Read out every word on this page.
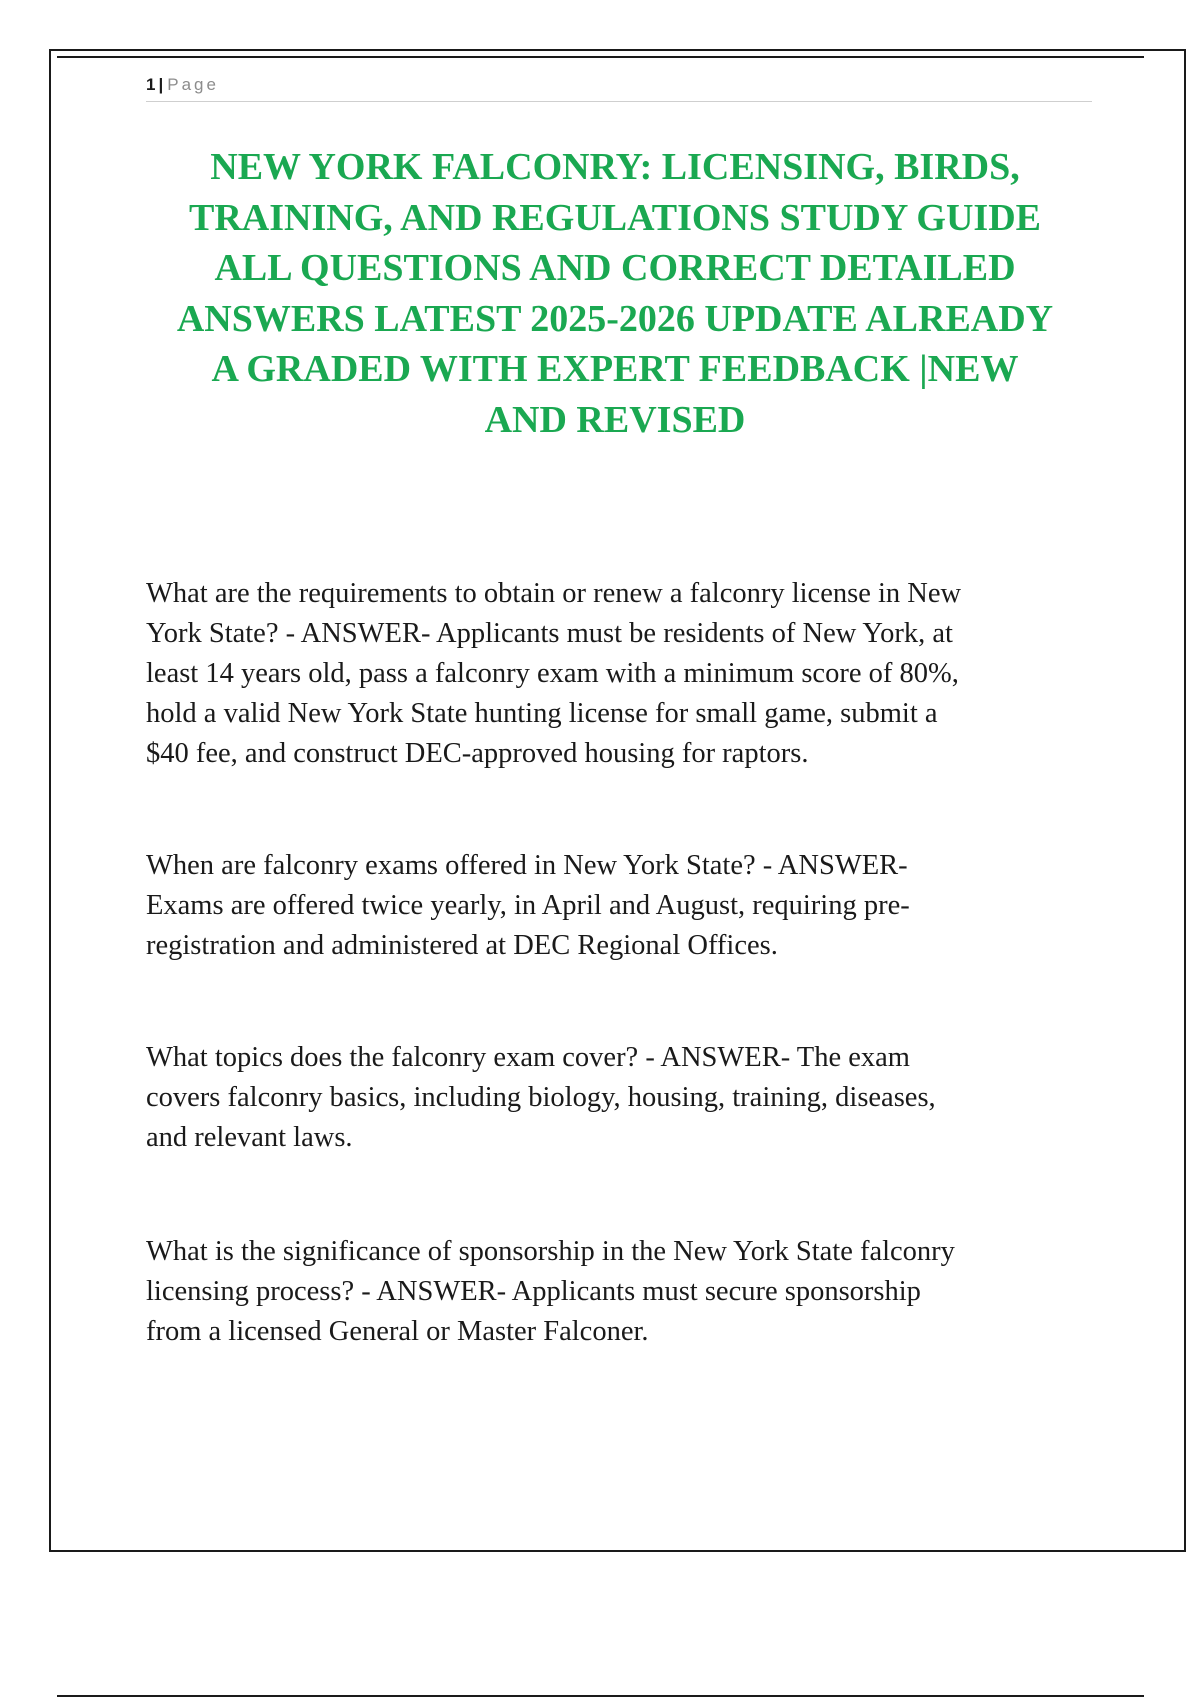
1 | Page
NEW YORK FALCONRY: LICENSING, BIRDS,
TRAINING, AND REGULATIONS STUDY GUIDE
ALL QUESTIONS AND CORRECT DETAILED
ANSWERS LATEST 2025-2026 UPDATE ALREADY
A GRADED WITH EXPERT FEEDBACK |NEW
AND REVISED

What are the requirements to obtain or renew a falconry license in New
York State? - ANSWER- Applicants must be residents of New York, at
least 14 years old, pass a falconry exam with a minimum score of 80%,
hold a valid New York State hunting license for small game, submit a
$40 fee, and construct DEC-approved housing for raptors.

When are falconry exams offered in New York State? - ANSWER-
Exams are offered twice yearly, in April and August, requiring pre-
registration and administered at DEC Regional Offices.

What topics does the falconry exam cover? - ANSWER- The exam
covers falconry basics, including biology, housing, training, diseases,
and relevant laws.

What is the significance of sponsorship in the New York State falconry
licensing process? - ANSWER- Applicants must secure sponsorship
from a licensed General or Master Falconer.
